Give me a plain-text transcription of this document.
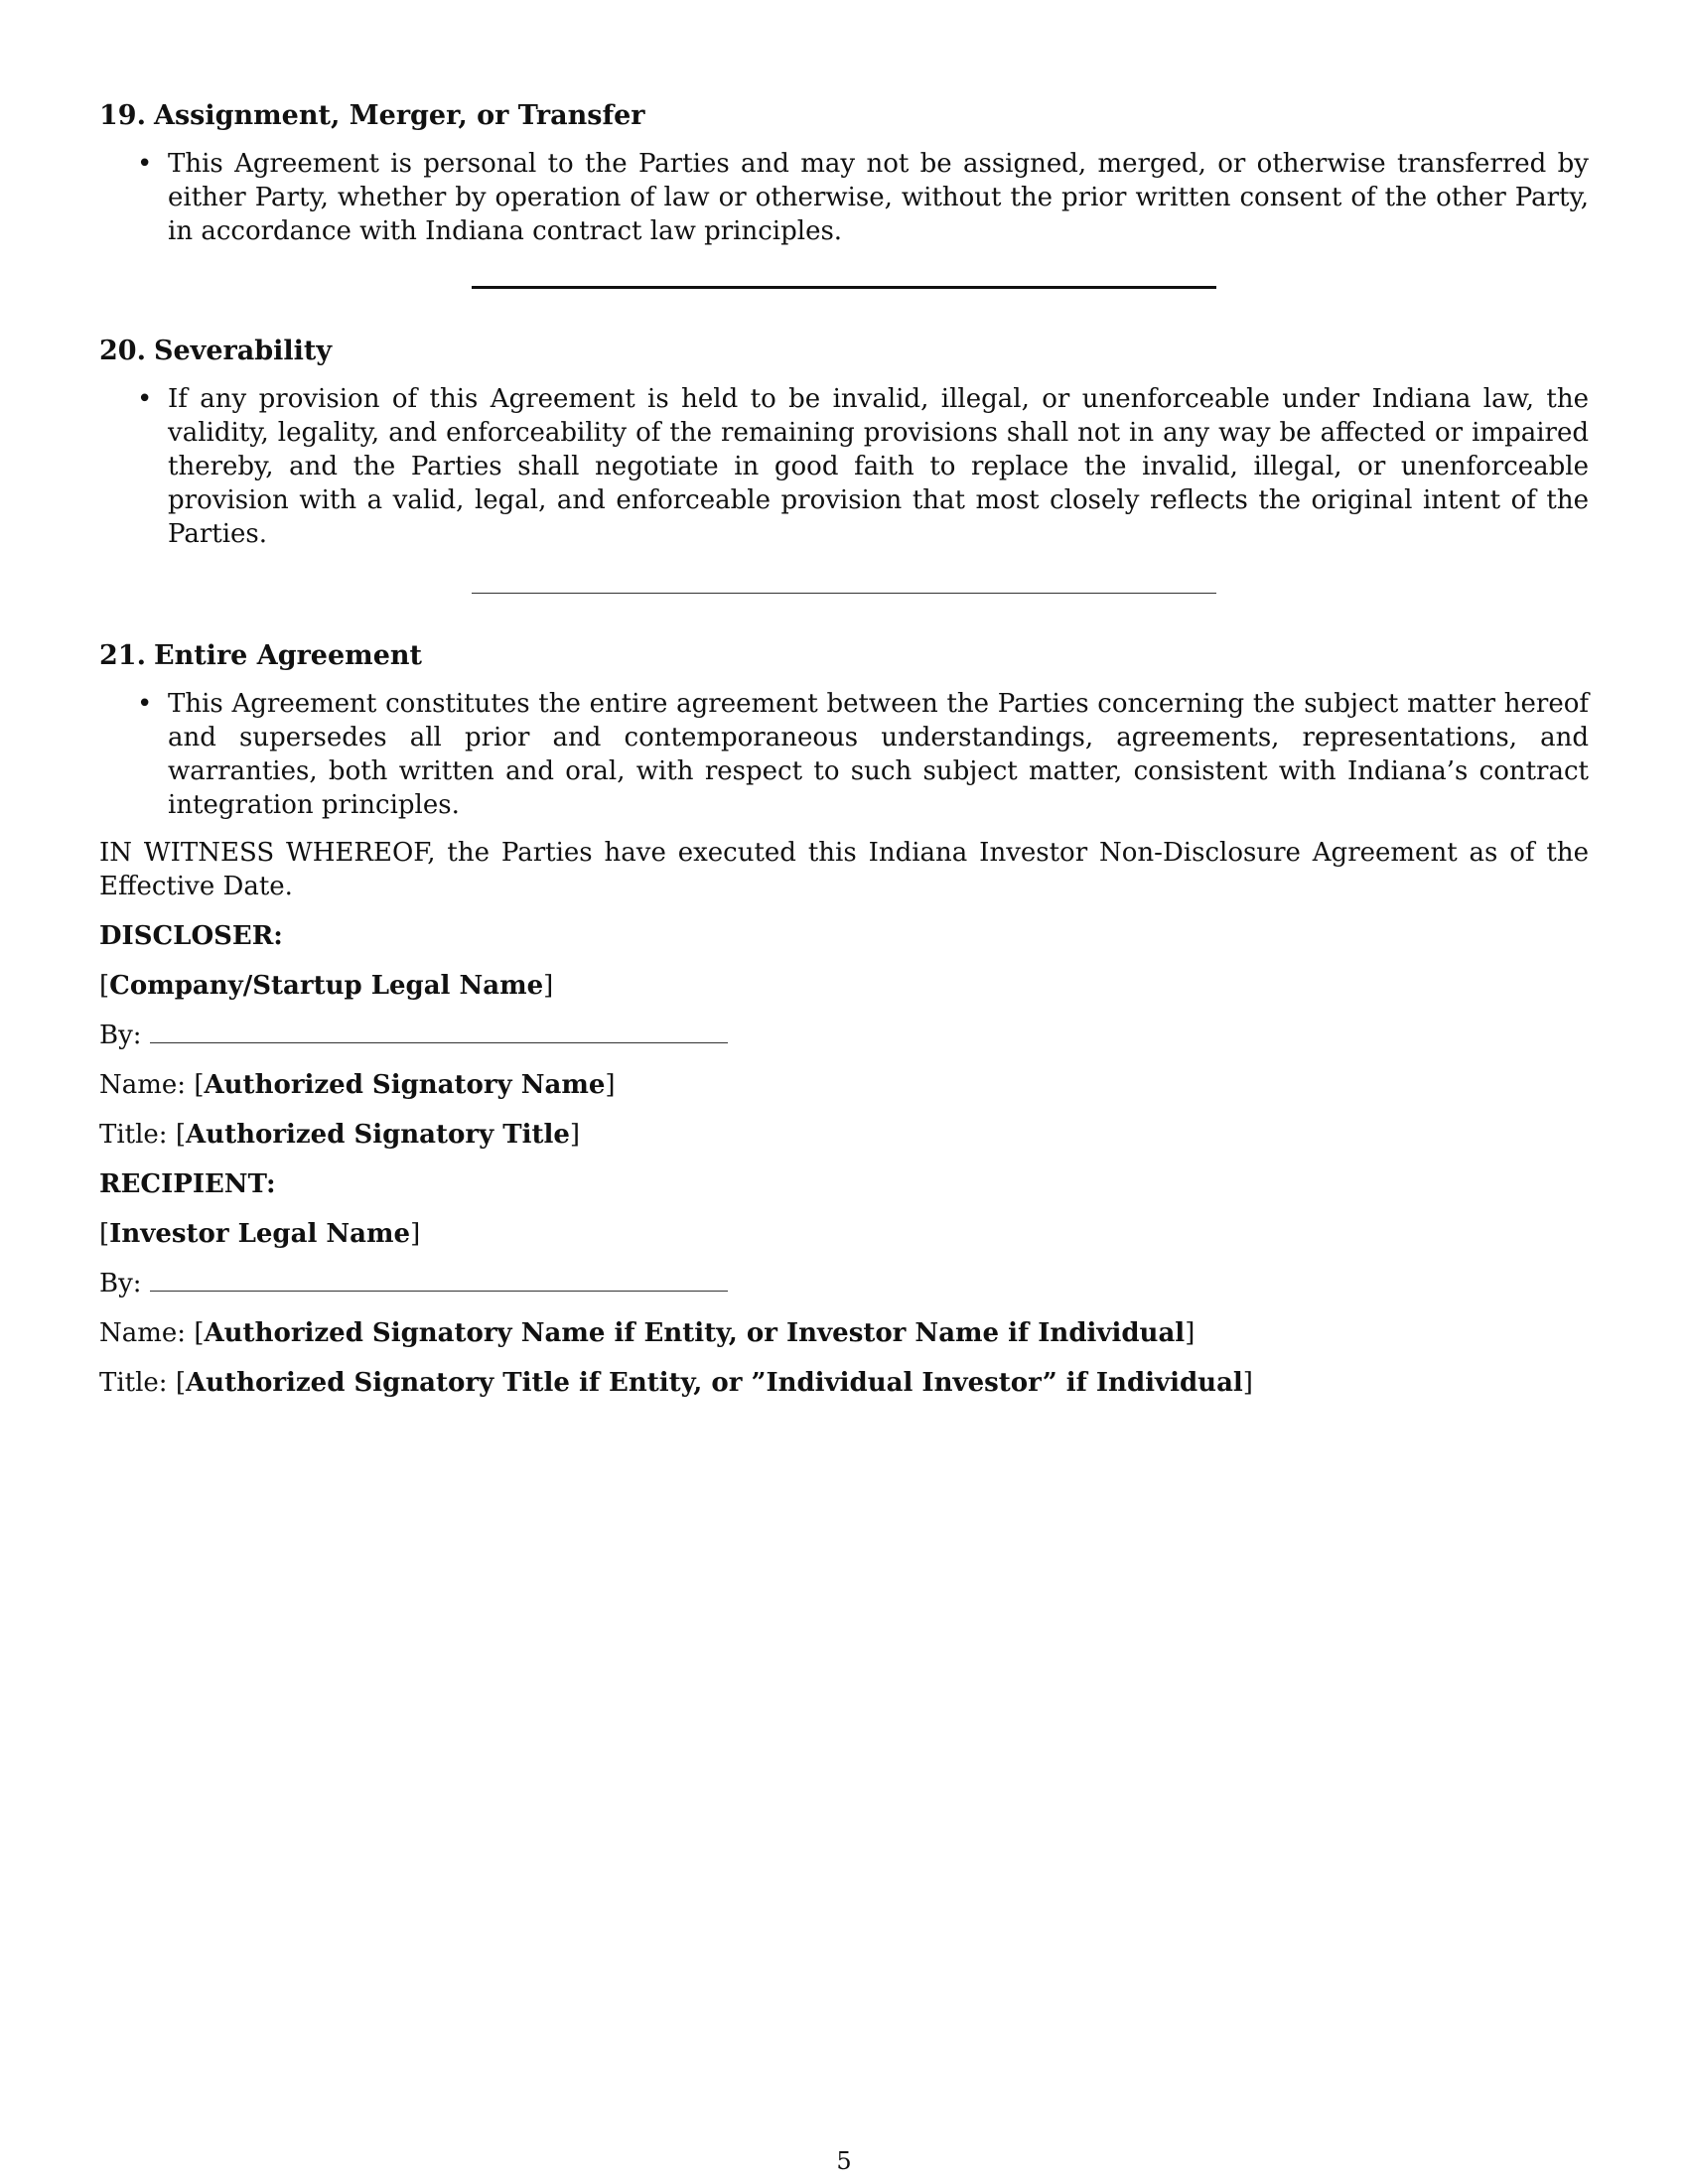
19. Assignment, Merger, or Transfer

• This Agreement is personal to the Parties and may not be assigned, merged, or otherwise transferred by either Party, whether by operation of law or otherwise, without the prior written consent of the other Party, in accordance with Indiana contract law principles.

20. Severability

• If any provision of this Agreement is held to be invalid, illegal, or unenforceable under Indiana law, the validity, legality, and enforceability of the remaining provisions shall not in any way be affected or impaired thereby, and the Parties shall negotiate in good faith to replace the invalid, illegal, or unenforceable provision with a valid, legal, and enforceable provision that most closely reflects the original intent of the Parties.

21. Entire Agreement

• This Agreement constitutes the entire agreement between the Parties concerning the subject matter hereof and supersedes all prior and contemporaneous understandings, agreements, representations, and warranties, both written and oral, with respect to such subject matter, consistent with Indiana’s contract integration principles.

IN WITNESS WHEREOF, the Parties have executed this Indiana Investor Non-Disclosure Agreement as of the Effective Date.

DISCLOSER:

[Company/Startup Legal Name]

By:

Name: [Authorized Signatory Name]

Title: [Authorized Signatory Title]

RECIPIENT:

[Investor Legal Name]

By:

Name: [Authorized Signatory Name if Entity, or Investor Name if Individual]

Title: [Authorized Signatory Title if Entity, or ”Individual Investor” if Individual]

5
